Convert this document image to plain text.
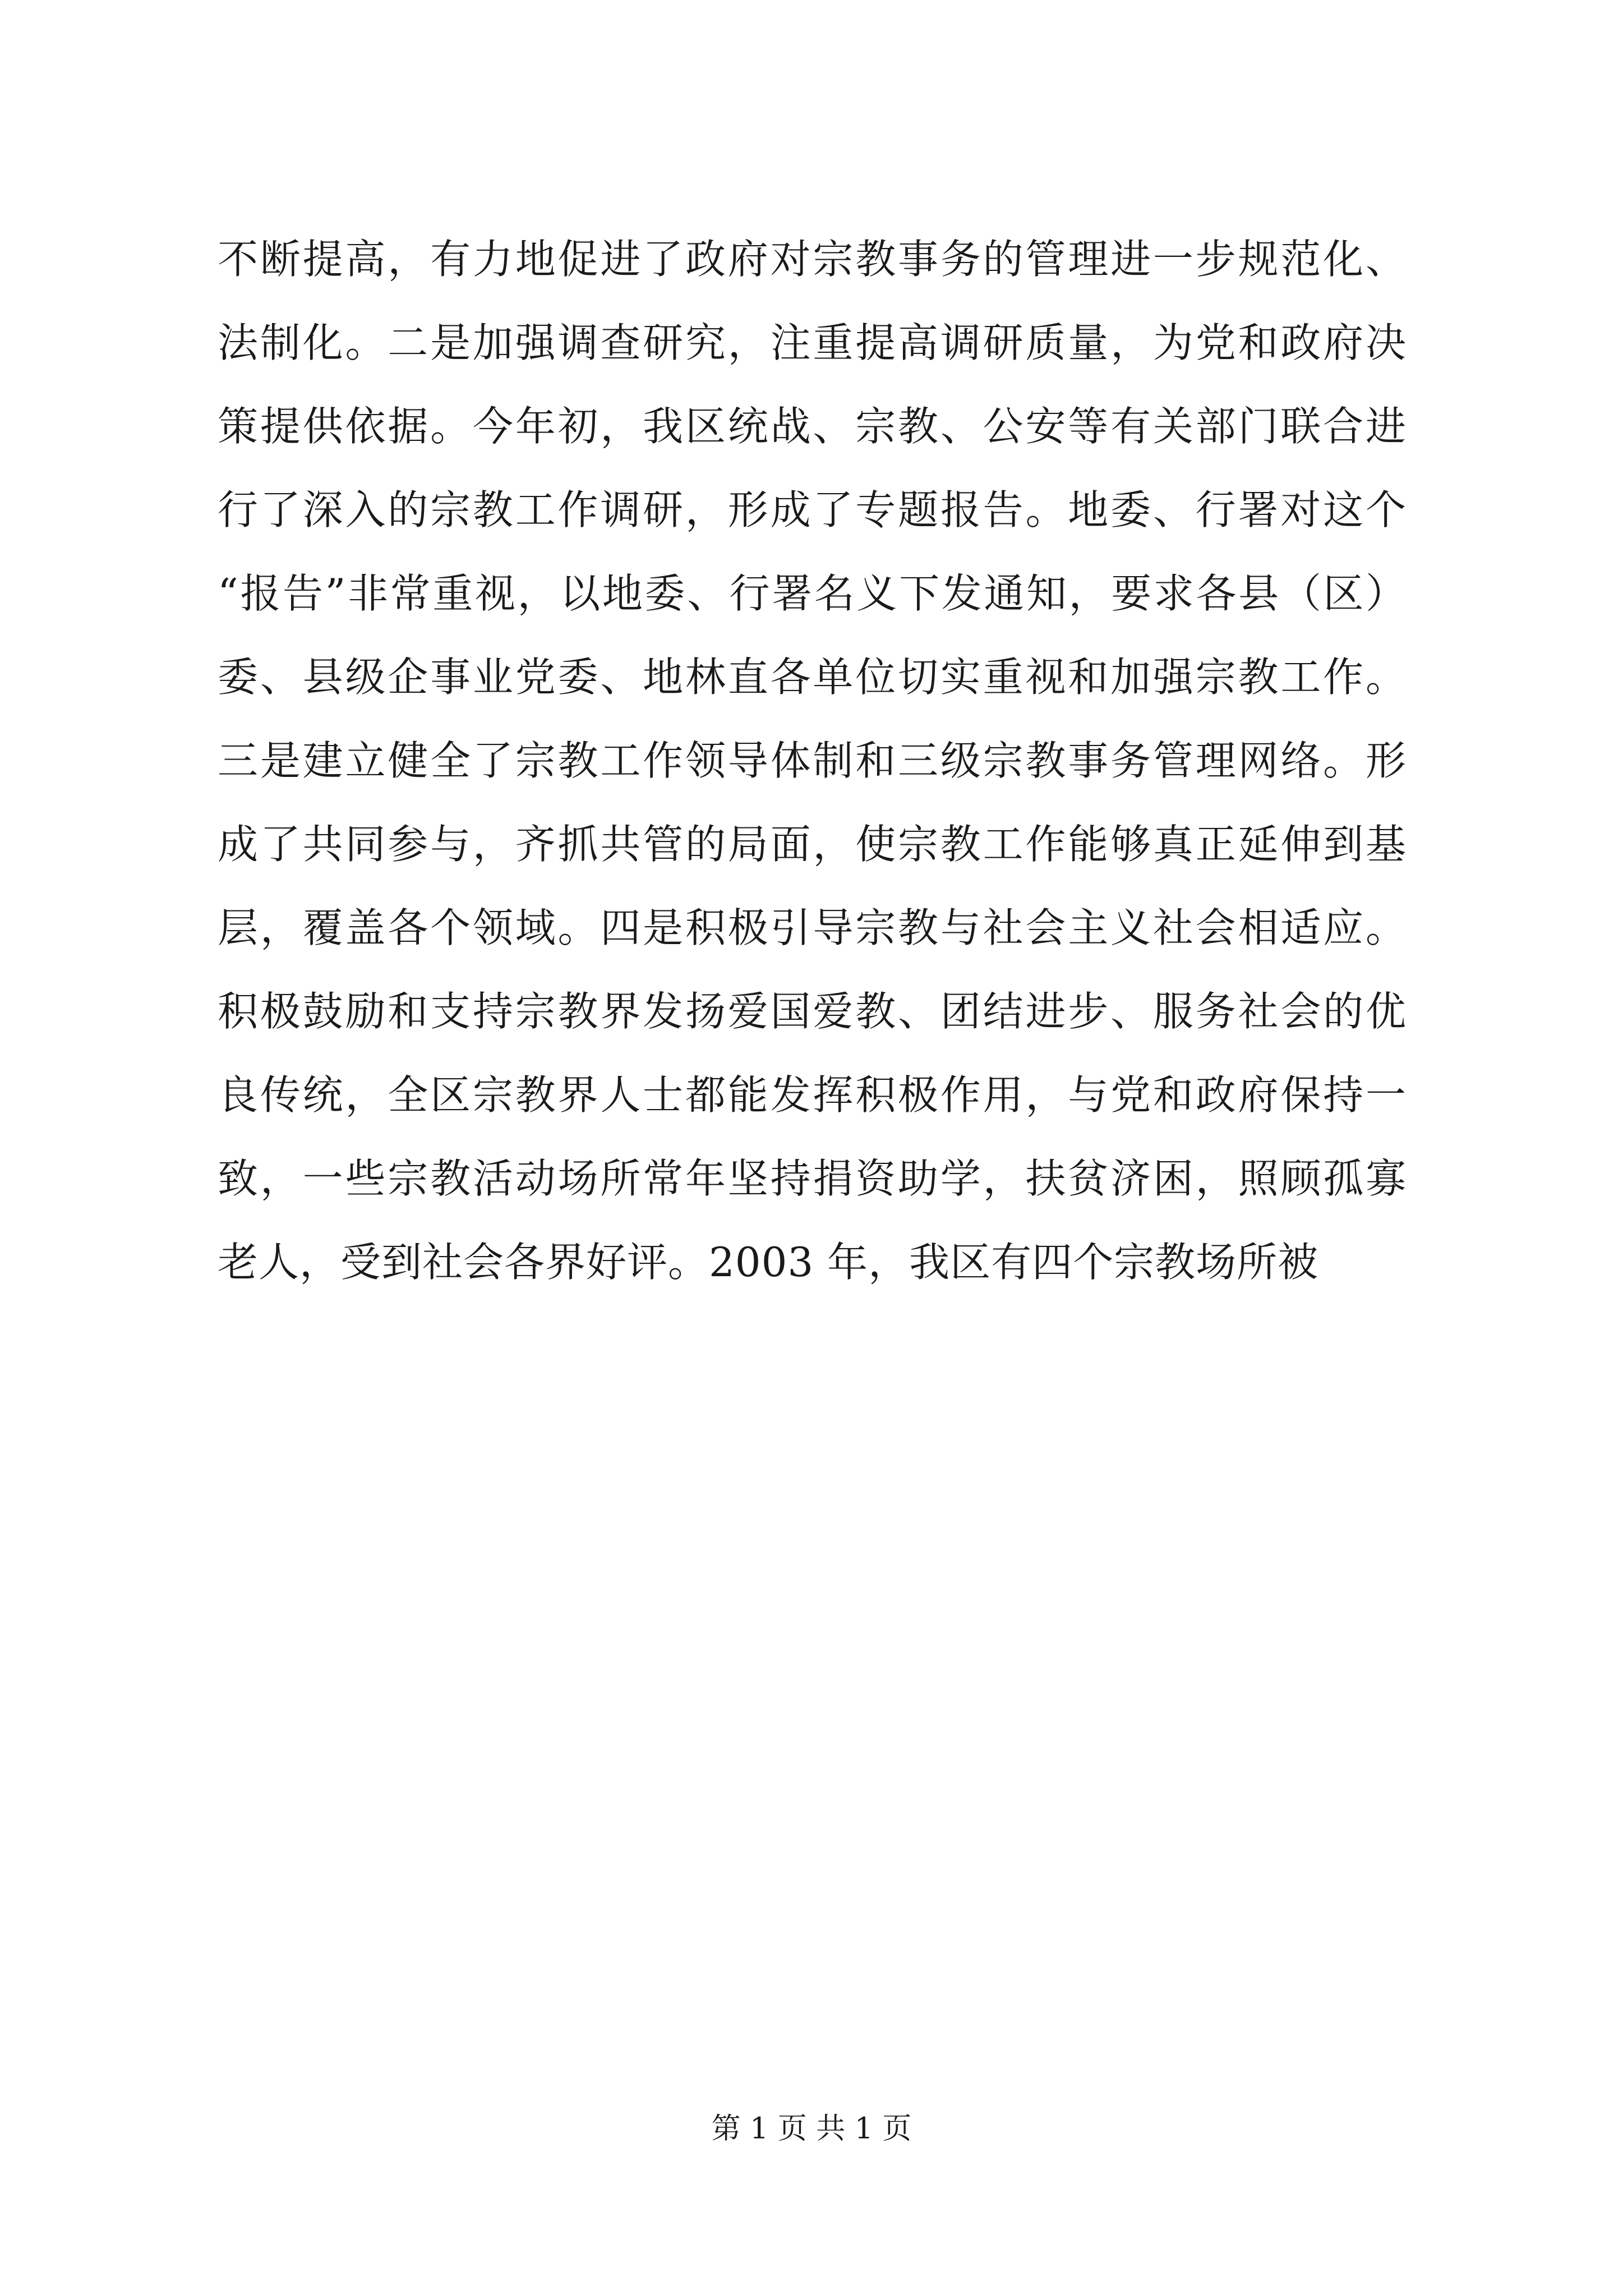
不断提高，有力地促进了政府对宗教事务的管理进一步规范化、
法制化。二是加强调查研究，注重提高调研质量，为党和政府决
策提供依据。今年初，我区统战、宗教、公安等有关部门联合进
行了深入的宗教工作调研，形成了专题报告。地委、行署对这个
“报告”非常重视，以地委、行署名义下发通知，要求各县（区）
委、县级企事业党委、地林直各单位切实重视和加强宗教工作。
三是建立健全了宗教工作领导体制和三级宗教事务管理网络。形
成了共同参与，齐抓共管的局面，使宗教工作能够真正延伸到基
层，覆盖各个领域。四是积极引导宗教与社会主义社会相适应。
积极鼓励和支持宗教界发扬爱国爱教、团结进步、服务社会的优
良传统，全区宗教界人士都能发挥积极作用，与党和政府保持一
致，一些宗教活动场所常年坚持捐资助学，扶贫济困，照顾孤寡
老人，受到社会各界好评。2003 年，我区有四个宗教场所被
第 1 页 共 1 页
